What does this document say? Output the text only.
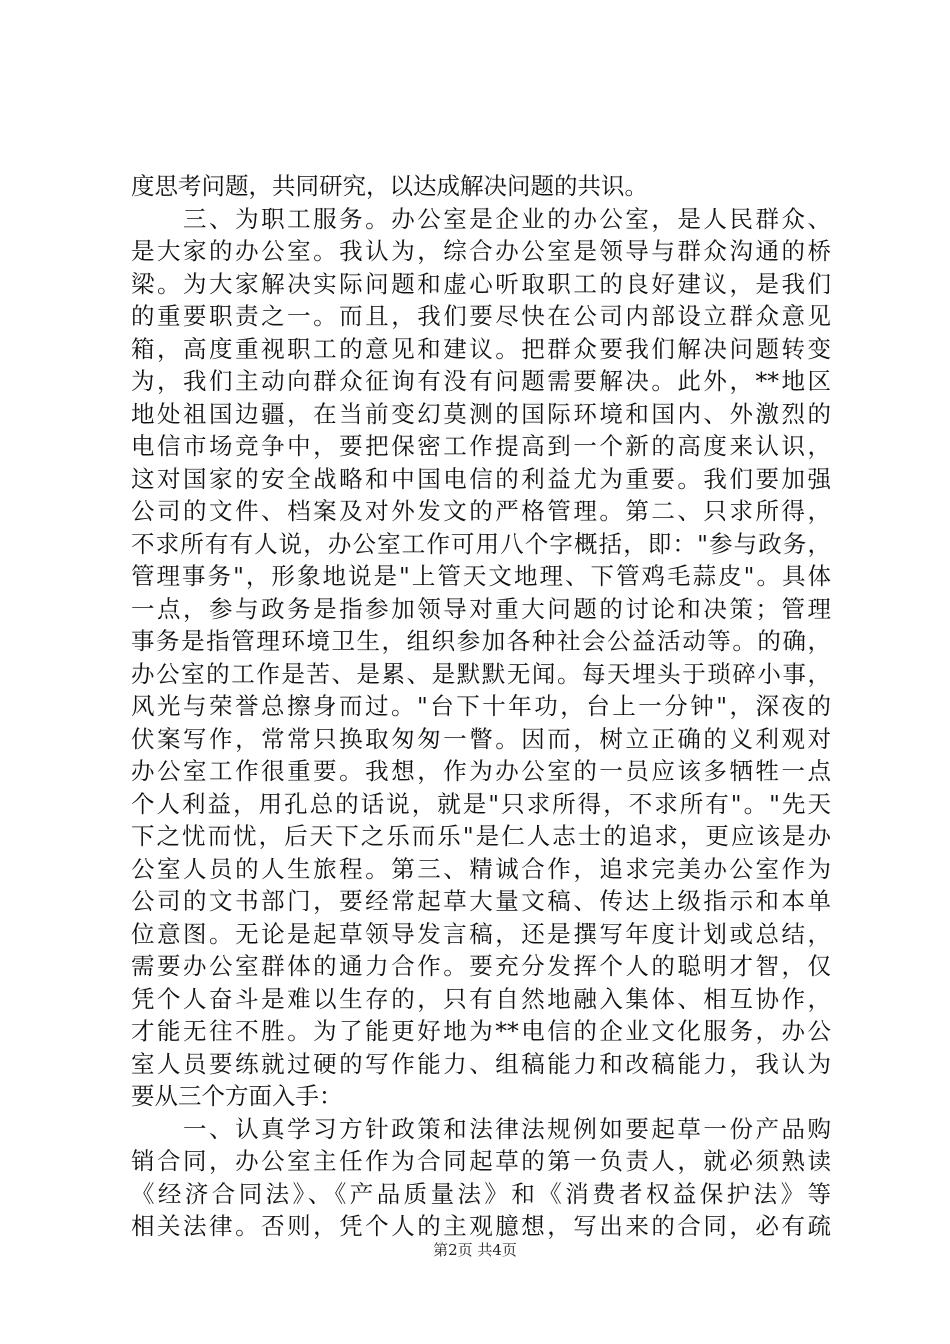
度思考问题，共同研究，以达成解决问题的共识。
　　三、为职工服务。办公室是企业的办公室，是人民群众、
是大家的办公室。我认为，综合办公室是领导与群众沟通的桥
梁。为大家解决实际问题和虚心听取职工的良好建议，是我们
的重要职责之一。而且，我们要尽快在公司内部设立群众意见
箱，高度重视职工的意见和建议。把群众要我们解决问题转变
为，我们主动向群众征询有没有问题需要解决。此外，**地区
地处祖国边疆，在当前变幻莫测的国际环境和国内、外激烈的
电信市场竞争中，要把保密工作提高到一个新的高度来认识，
这对国家的安全战略和中国电信的利益尤为重要。我们要加强
公司的文件、档案及对外发文的严格管理。第二、只求所得，
不求所有有人说，办公室工作可用八个字概括，即："参与政务，
管理事务"，形象地说是"上管天文地理、下管鸡毛蒜皮"。具体
一点，参与政务是指参加领导对重大问题的讨论和决策；管理
事务是指管理环境卫生，组织参加各种社会公益活动等。的确，
办公室的工作是苦、是累、是默默无闻。每天埋头于琐碎小事，
风光与荣誉总擦身而过。"台下十年功，台上一分钟"，深夜的
伏案写作，常常只换取匆匆一瞥。因而，树立正确的义利观对
办公室工作很重要。我想，作为办公室的一员应该多牺牲一点
个人利益，用孔总的话说，就是"只求所得，不求所有"。"先天
下之忧而忧，后天下之乐而乐"是仁人志士的追求，更应该是办
公室人员的人生旅程。第三、精诚合作，追求完美办公室作为
公司的文书部门，要经常起草大量文稿、传达上级指示和本单
位意图。无论是起草领导发言稿，还是撰写年度计划或总结，
需要办公室群体的通力合作。要充分发挥个人的聪明才智，仅
凭个人奋斗是难以生存的，只有自然地融入集体、相互协作，
才能无往不胜。为了能更好地为**电信的企业文化服务，办公
室人员要练就过硬的写作能力、组稿能力和改稿能力，我认为
要从三个方面入手：
　　一、认真学习方针政策和法律法规例如要起草一份产品购
销合同，办公室主任作为合同起草的第一负责人，就必须熟读
《经济合同法》、《产品质量法》和《消费者权益保护法》等
相关法律。否则，凭个人的主观臆想，写出来的合同，必有疏
第2页 共4页
